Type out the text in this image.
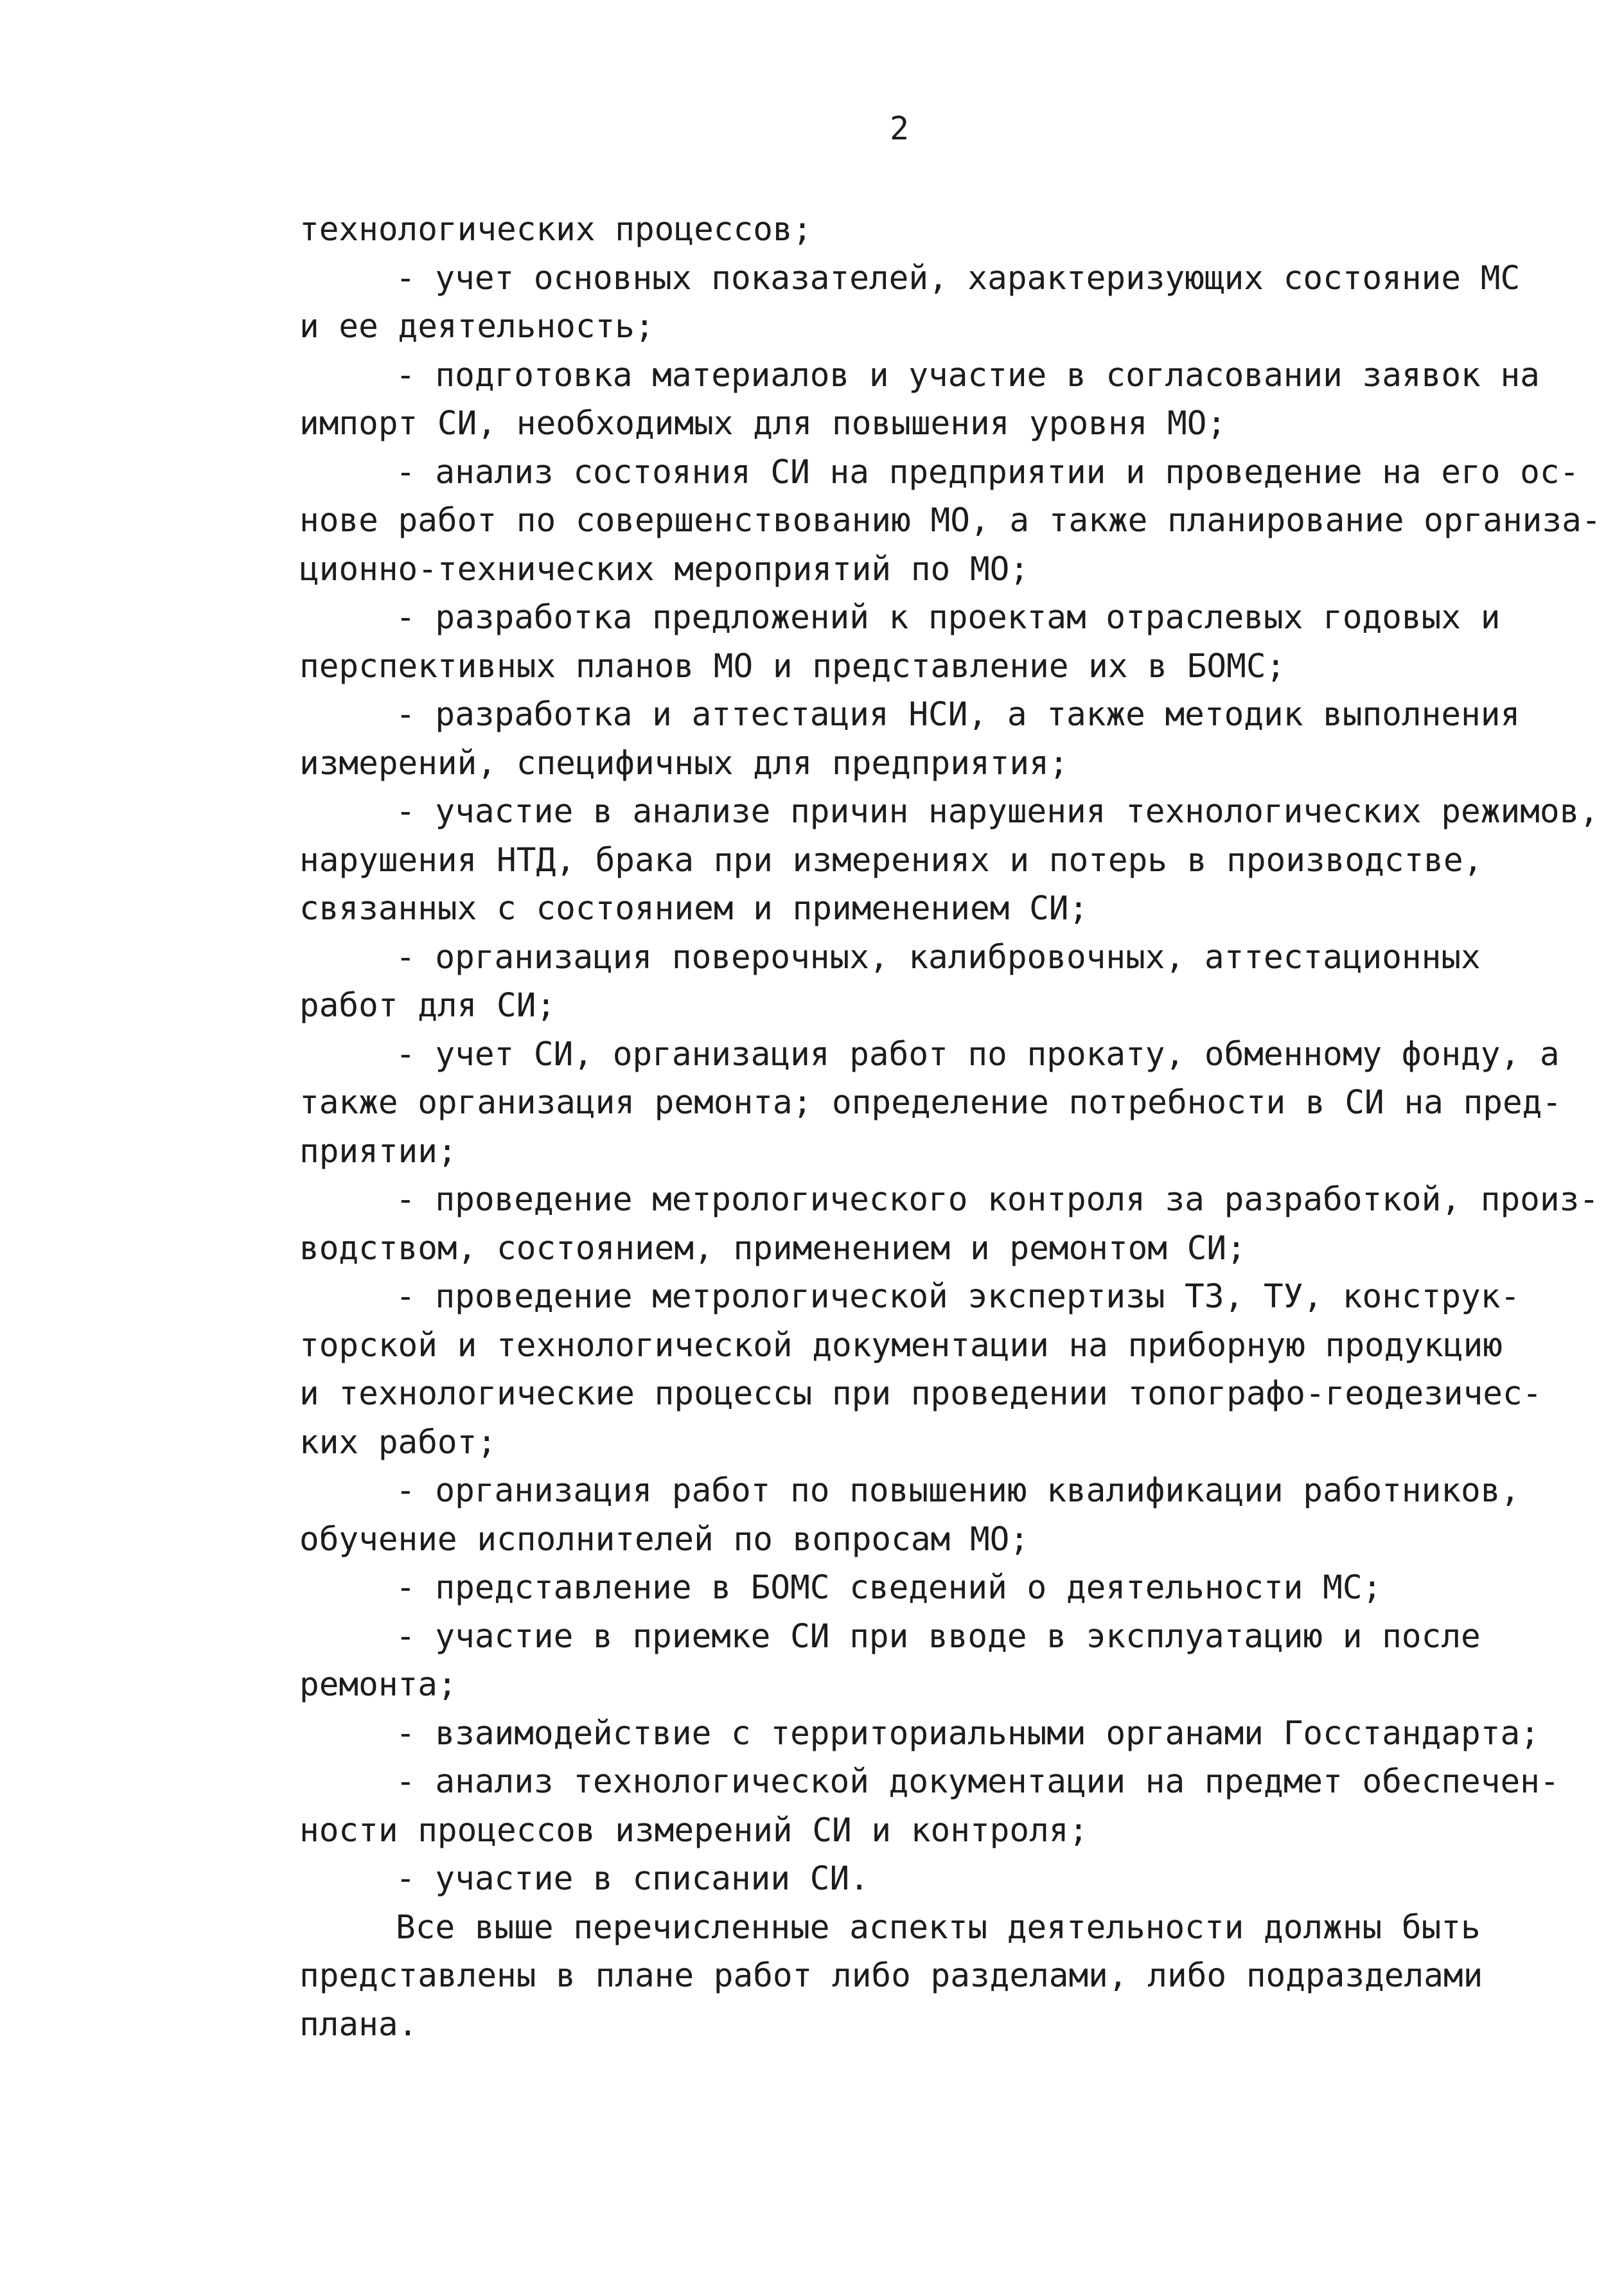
2
технологических процессов;
- учет основных показателей, характеризующих состояние МС
и ее деятельность;
- подготовка материалов и участие в согласовании заявок на
импорт СИ, необходимых для повышения уровня МО;
- анализ состояния СИ на предприятии и проведение на его ос-
нове работ по совершенствованию МО, а также планирование организа-
ционно-технических мероприятий по МО;
- разработка предложений к проектам отраслевых годовых и
перспективных планов МО и представление их в БОМС;
- разработка и аттестация НСИ, а также методик выполнения
измерений, специфичных для предприятия;
- участие в анализе причин нарушения технологических режимов,
нарушения НТД, брака при измерениях и потерь в производстве,
связанных с состоянием и применением СИ;
- организация поверочных, калибровочных, аттестационных
работ для СИ;
- учет СИ, организация работ по прокату, обменному фонду, а
также организация ремонта; определение потребности в СИ на пред-
приятии;
- проведение метрологического контроля за разработкой, произ-
водством, состоянием, применением и ремонтом СИ;
- проведение метрологической экспертизы ТЗ, ТУ, конструк-
торской и технологической документации на приборную продукцию
и технологические процессы при проведении топографо-геодезичес-
ких работ;
- организация работ по повышению квалификации работников,
обучение исполнителей по вопросам МО;
- представление в БОМС сведений о деятельности МС;
- участие в приемке СИ при вводе в эксплуатацию и после
ремонта;
- взаимодействие с территориальными органами Госстандарта;
- анализ технологической документации на предмет обеспечен-
ности процессов измерений СИ и контроля;
- участие в списании СИ.
Все выше перечисленные аспекты деятельности должны быть
представлены в плане работ либо разделами, либо подразделами
плана.
